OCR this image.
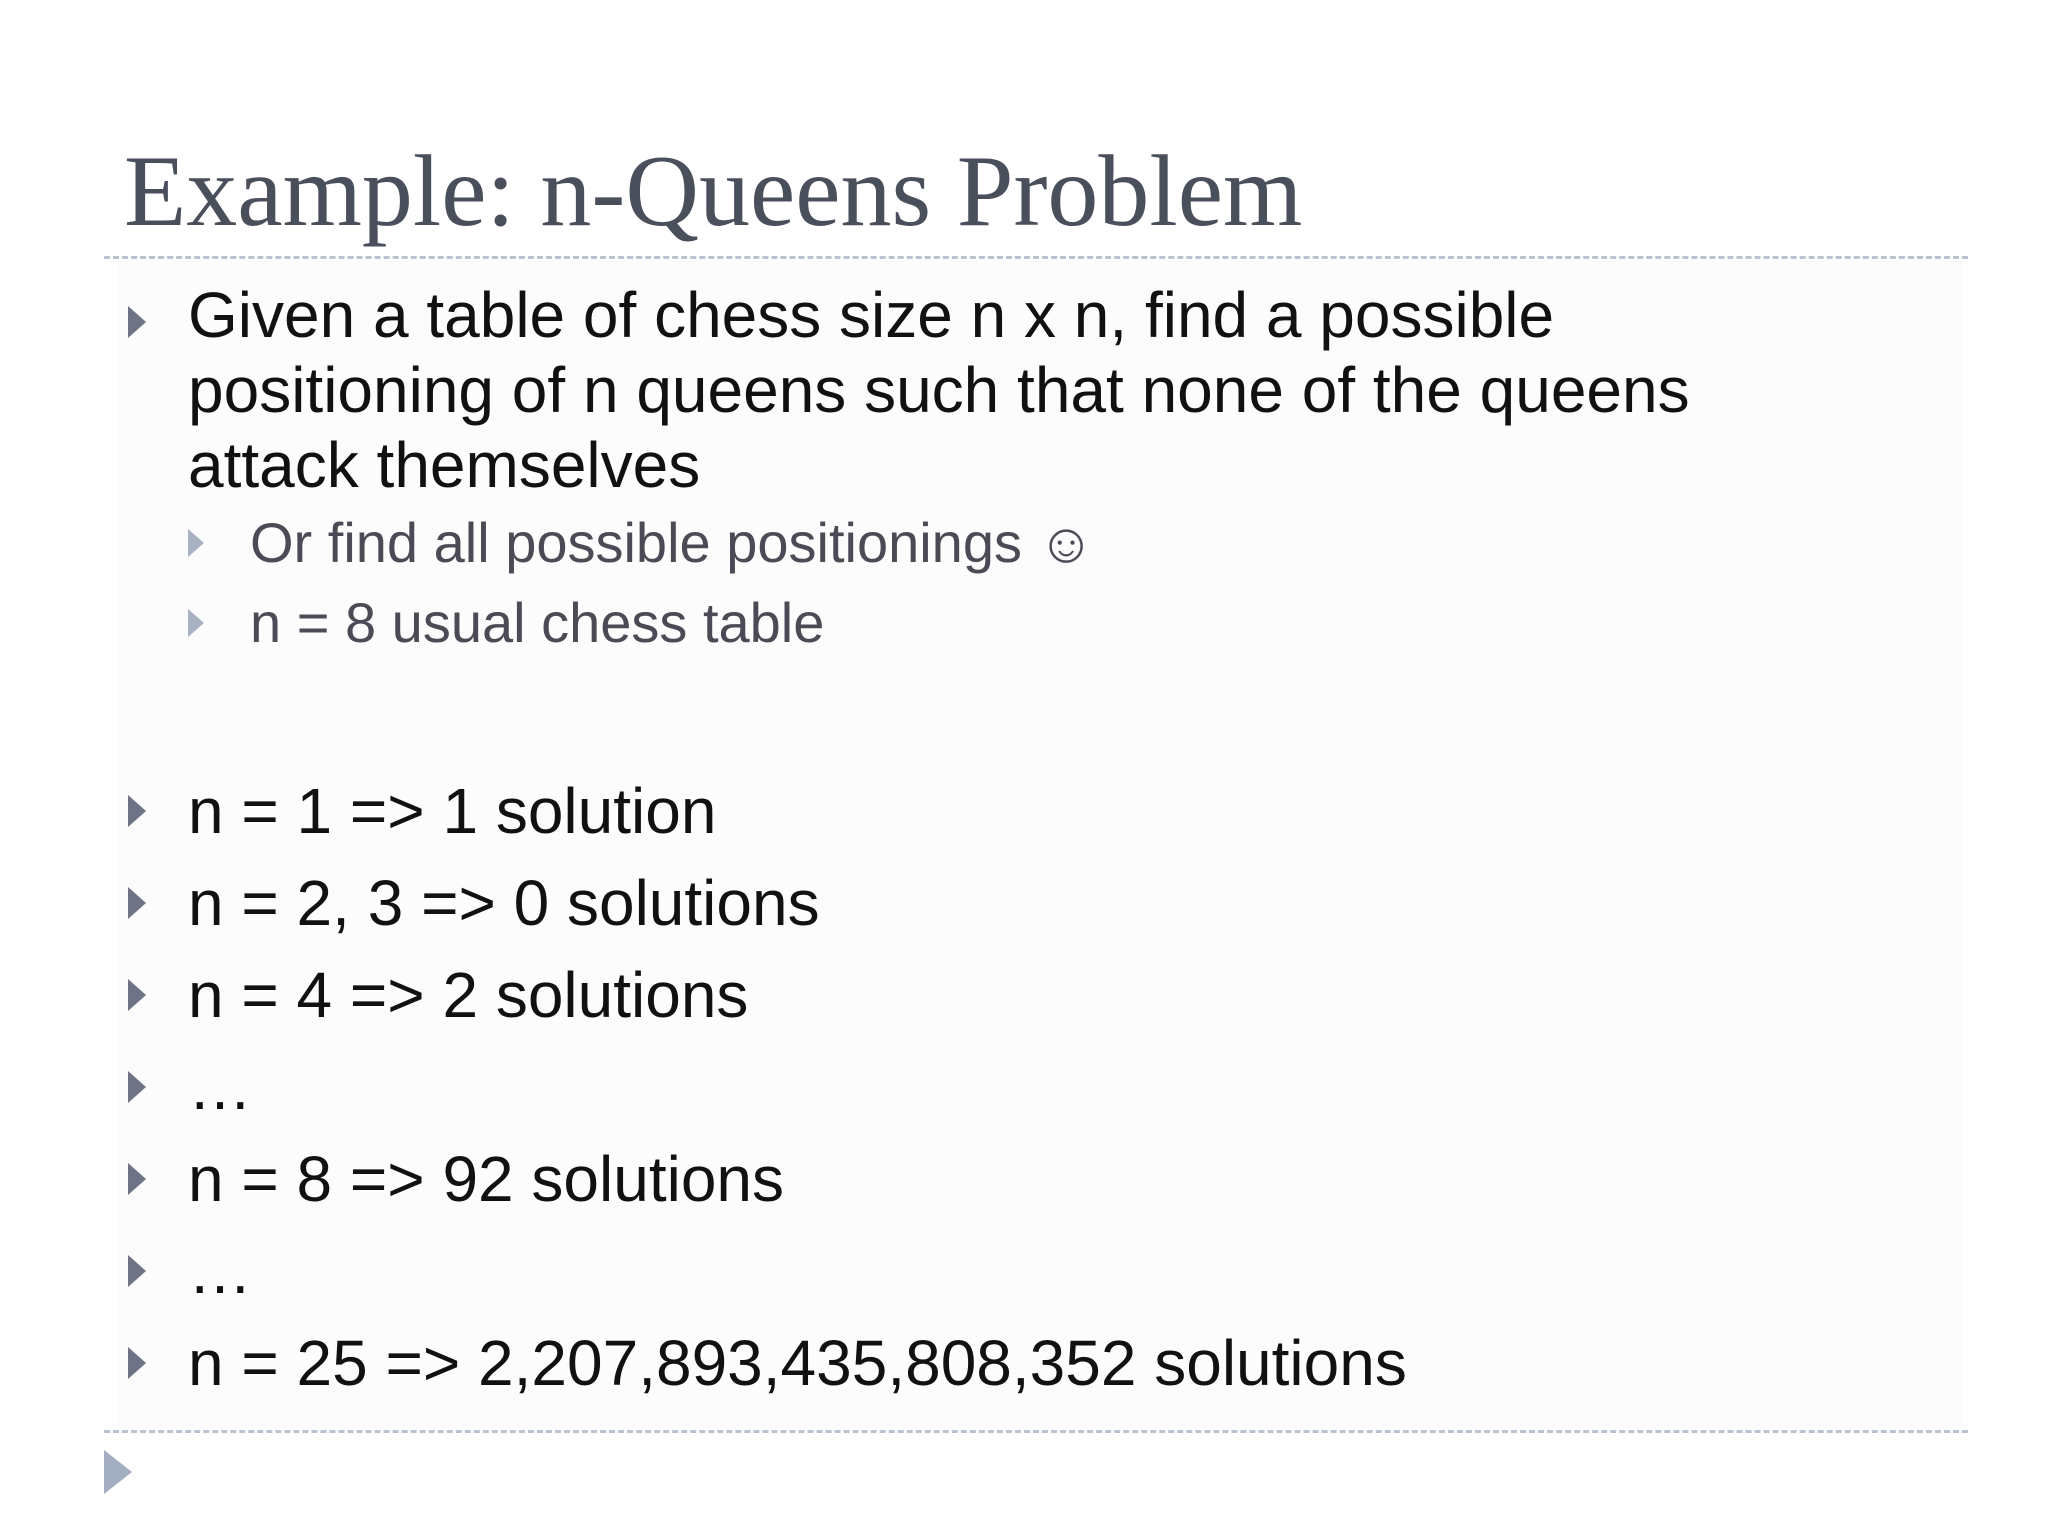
Example: n-Queens Problem
Given a table of chess size n x n, find a possible positioning of n queens such that none of the queens attack themselves
Or find all possible positionings ☺
n = 8 usual chess table
n = 1 => 1 solution
n = 2, 3 => 0 solutions
n = 4 => 2 solutions
…
n = 8 => 92 solutions
…
n = 25 => 2,207,893,435,808,352 solutions
